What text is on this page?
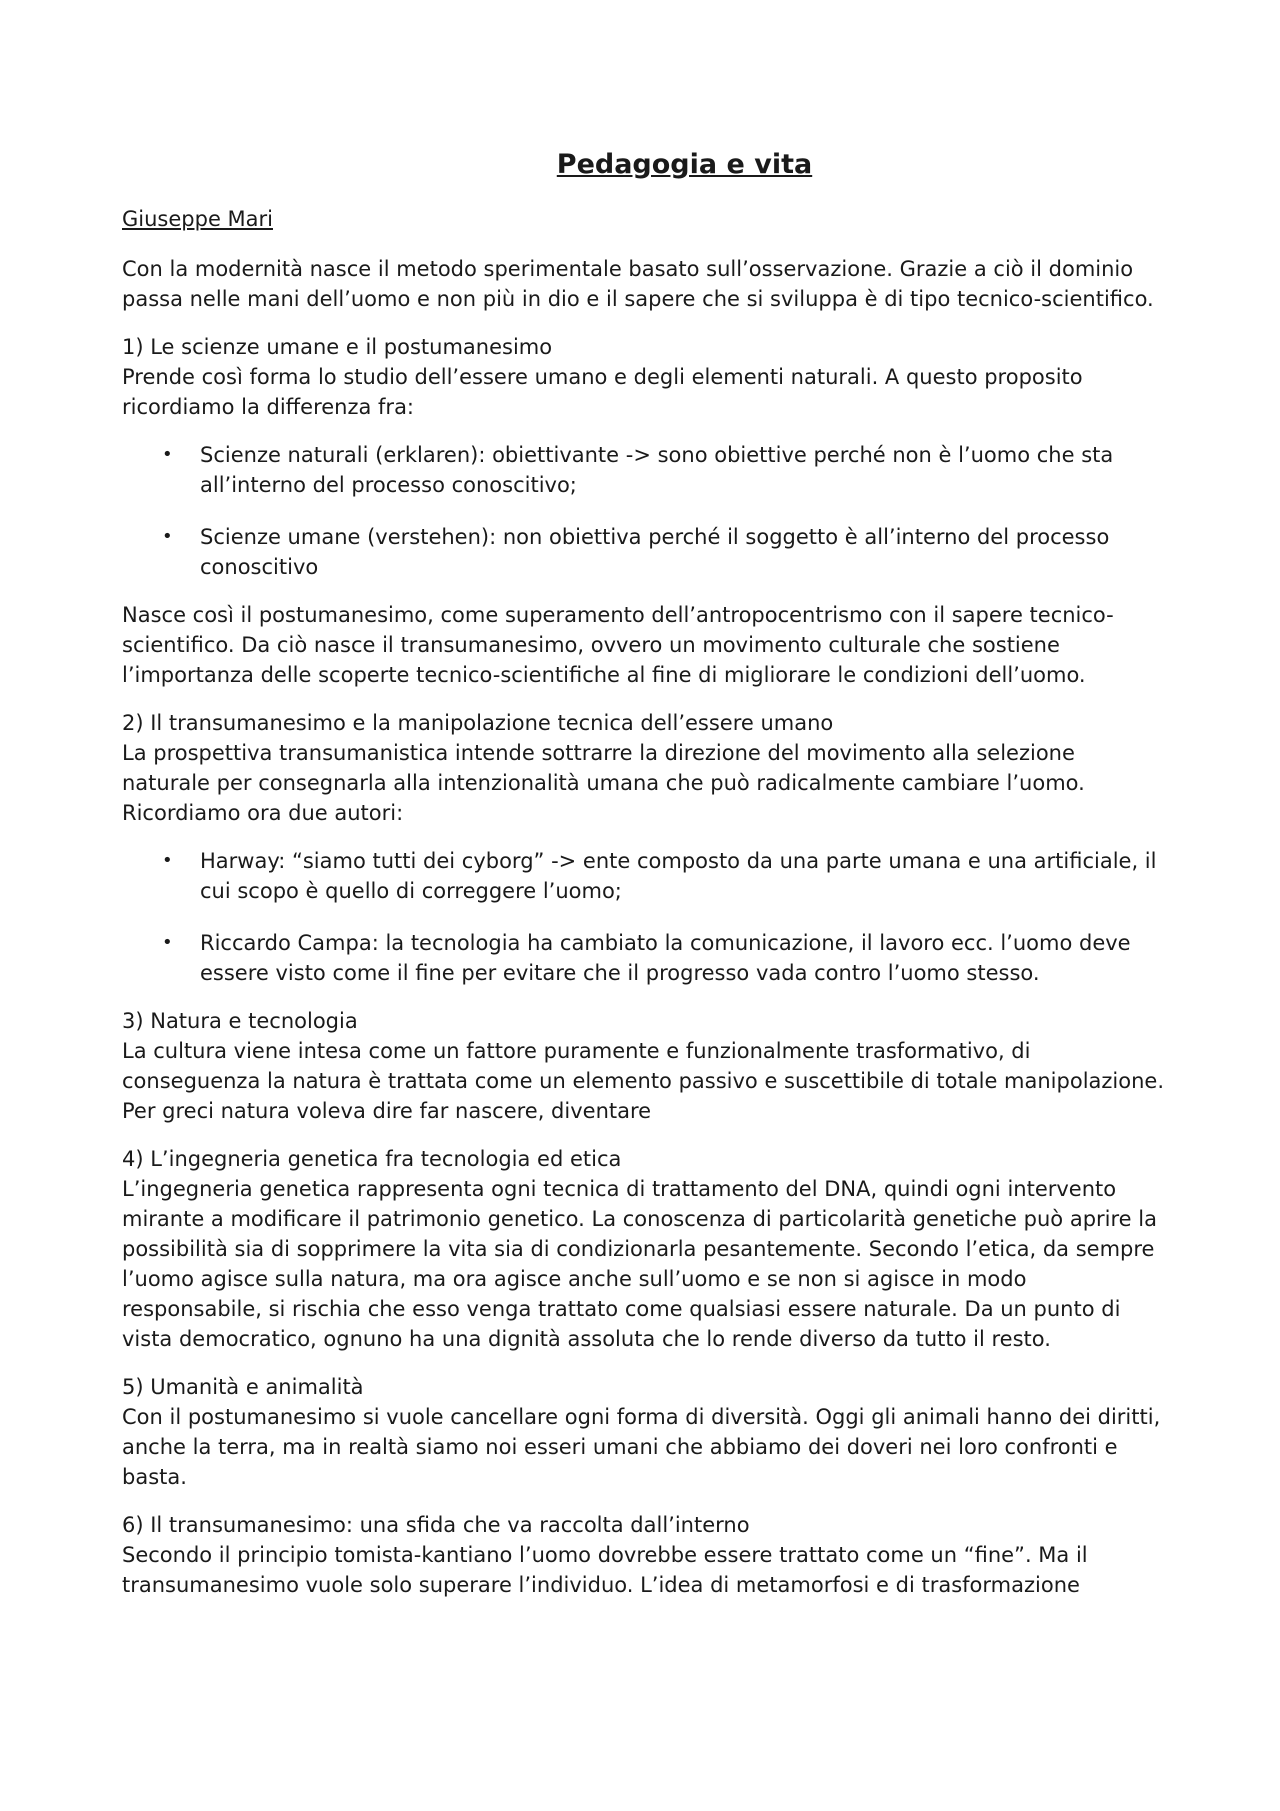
Pedagogia e vita
Giuseppe Mari

Con la modernità nasce il metodo sperimentale basato sull’osservazione. Grazie a ciò il dominio passa nelle mani dell’uomo e non più in dio e il sapere che si sviluppa è di tipo tecnico-scientifico.

1) Le scienze umane e il postumanesimo
Prende così forma lo studio dell’essere umano e degli elementi naturali. A questo proposito ricordiamo la differenza fra:
• Scienze naturali (erklaren): obiettivante -> sono obiettive perché non è l’uomo che sta all’interno del processo conoscitivo;
• Scienze umane (verstehen): non obiettiva perché il soggetto è all’interno del processo conoscitivo

Nasce così il postumanesimo, come superamento dell’antropocentrismo con il sapere tecnico-scientifico. Da ciò nasce il transumanesimo, ovvero un movimento culturale che sostiene l’importanza delle scoperte tecnico-scientifiche al fine di migliorare le condizioni dell’uomo.

2) Il transumanesimo e la manipolazione tecnica dell’essere umano
La prospettiva transumanistica intende sottrarre la direzione del movimento alla selezione naturale per consegnarla alla intenzionalità umana che può radicalmente cambiare l’uomo. Ricordiamo ora due autori:
• Harway: “siamo tutti dei cyborg” -> ente composto da una parte umana e una artificiale, il cui scopo è quello di correggere l’uomo;
• Riccardo Campa: la tecnologia ha cambiato la comunicazione, il lavoro ecc. l’uomo deve essere visto come il fine per evitare che il progresso vada contro l’uomo stesso.
3) Natura e tecnologia
La cultura viene intesa come un fattore puramente e funzionalmente trasformativo, di conseguenza la natura è trattata come un elemento passivo e suscettibile di totale manipolazione. Per greci natura voleva dire far nascere, diventare
4) L’ingegneria genetica fra tecnologia ed etica
L’ingegneria genetica rappresenta ogni tecnica di trattamento del DNA, quindi ogni intervento mirante a modificare il patrimonio genetico. La conoscenza di particolarità genetiche può aprire la possibilità sia di sopprimere la vita sia di condizionarla pesantemente. Secondo l’etica, da sempre l’uomo agisce sulla natura, ma ora agisce anche sull’uomo e se non si agisce in modo responsabile, si rischia che esso venga trattato come qualsiasi essere naturale. Da un punto di vista democratico, ognuno ha una dignità assoluta che lo rende diverso da tutto il resto.
5) Umanità e animalità
Con il postumanesimo si vuole cancellare ogni forma di diversità. Oggi gli animali hanno dei diritti, anche la terra, ma in realtà siamo noi esseri umani che abbiamo dei doveri nei loro confronti e basta.
6) Il transumanesimo: una sfida che va raccolta dall’interno
Secondo il principio tomista-kantiano l’uomo dovrebbe essere trattato come un “fine”. Ma il transumanesimo vuole solo superare l’individuo. L’idea di metamorfosi e di trasformazione
